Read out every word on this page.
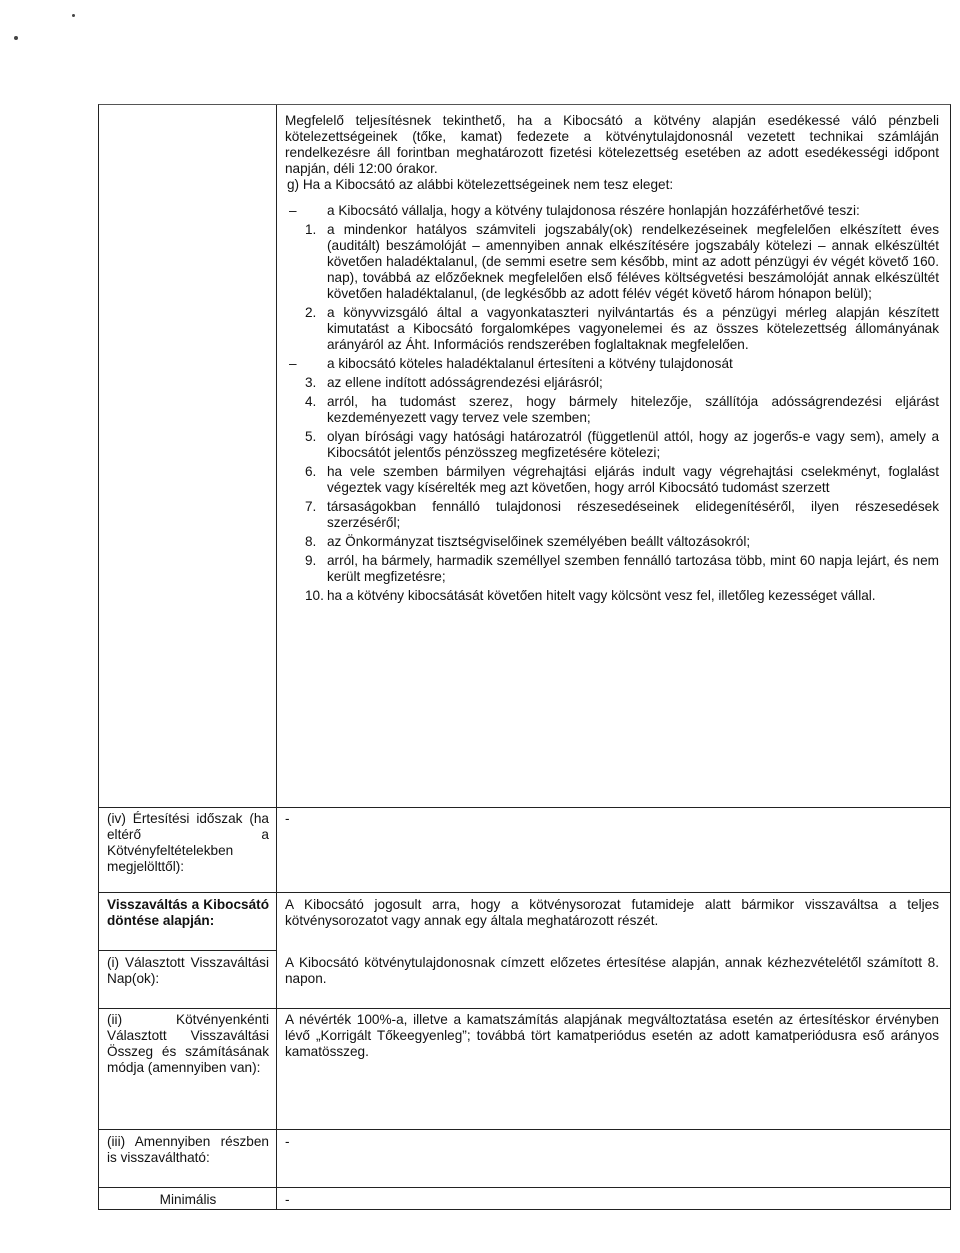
Megfelelő teljesítésnek tekinthető, ha a Kibocsátó a kötvény alapján esedékessé váló pénzbeli kötelezettségeinek (tőke, kamat) fedezete a kötvénytulajdonosnál vezetett technikai számláján rendelkezésre áll forintban meghatározott fizetési kötelezettség esetében az adott esedékességi időpont napján, déli 12:00 órakor.

g) Ha a Kibocsátó az alábbi kötelezettségeinek nem tesz eleget:

–	a Kibocsátó vállalja, hogy a kötvény tulajdonosa részére honlapján hozzáférhetővé teszi:
1. a mindenkor hatályos számviteli jogszabály(ok) rendelkezéseinek megfelelően elkészített éves (auditált) beszámolóját – amennyiben annak elkészítésére jogszabály kötelezi – annak elkészültét követően haladéktalanul, (de semmi esetre sem később, mint az adott pénzügyi év végét követő 160. nap), továbbá az előzőeknek megfelelően első féléves költségvetési beszámolóját annak elkészültét követően haladéktalanul, (de legkésőbb az adott félév végét követő három hónapon belül);
2. a könyvvizsgáló által a vagyonkataszteri nyilvántartás és a pénzügyi mérleg alapján készített kimutatást a Kibocsátó forgalomképes vagyonelemei és az összes kötelezettség állományának arányáról az Áht. Információs rendszerében foglaltaknak megfelelően.
–	a kibocsátó köteles haladéktalanul értesíteni a kötvény tulajdonosát
3. az ellene indított adósságrendezési eljárásról;
4. arról, ha tudomást szerez, hogy bármely hitelezője, szállítója adósságrendezési eljárást kezdeményezett vagy tervez vele szemben;
5. olyan bírósági vagy hatósági határozatról (függetlenül attól, hogy az jogerős-e vagy sem), amely a Kibocsátót jelentős pénzösszeg megfizetésére kötelezi;
6. ha vele szemben bármilyen végrehajtási eljárás indult vagy végrehajtási cselekményt, foglalást végeztek vagy kísérelték meg azt követően, hogy arról Kibocsátó tudomást szerzett
7. társaságokban fennálló tulajdonosi részesedéseinek elidegenítéséről, ilyen részesedések szerzéséről;
8. az Önkormányzat tisztségviselőinek személyében beállt változásokról;
9. arról, ha bármely, harmadik személlyel szemben fennálló tartozása több, mint 60 napja lejárt, és nem került megfizetésre;
10. ha a kötvény kibocsátását követően hitelt vagy kölcsönt vesz fel, illetőleg kezességet vállal.
(iv) Értesítési időszak (ha eltérő a Kötvényfeltételekben megjelölttől):
-
Visszaváltás a Kibocsátó döntése alapján:
A Kibocsátó jogosult arra, hogy a kötvénysorozat futamideje alatt bármikor visszaváltsa a teljes kötvénysorozatot vagy annak egy általa meghatározott részét.
(i) Választott Visszaváltási Nap(ok):
A Kibocsátó kötvénytulajdonosnak címzett előzetes értesítése alapján, annak kézhezvételétől számított 8. napon.
(ii) Kötvényenkénti Választott Visszaváltási Összeg és számításának módja (amennyiben van):
A névérték 100%-a, illetve a kamatszámítás alapjának megváltoztatása esetén az értesítéskor érvényben lévő „Korrigált Tőkeegyenleg”; továbbá tört kamatperiódus esetén az adott kamatperiódusra eső arányos kamatösszeg.
(iii) Amennyiben részben is visszaváltható:
-
Minimális	-
